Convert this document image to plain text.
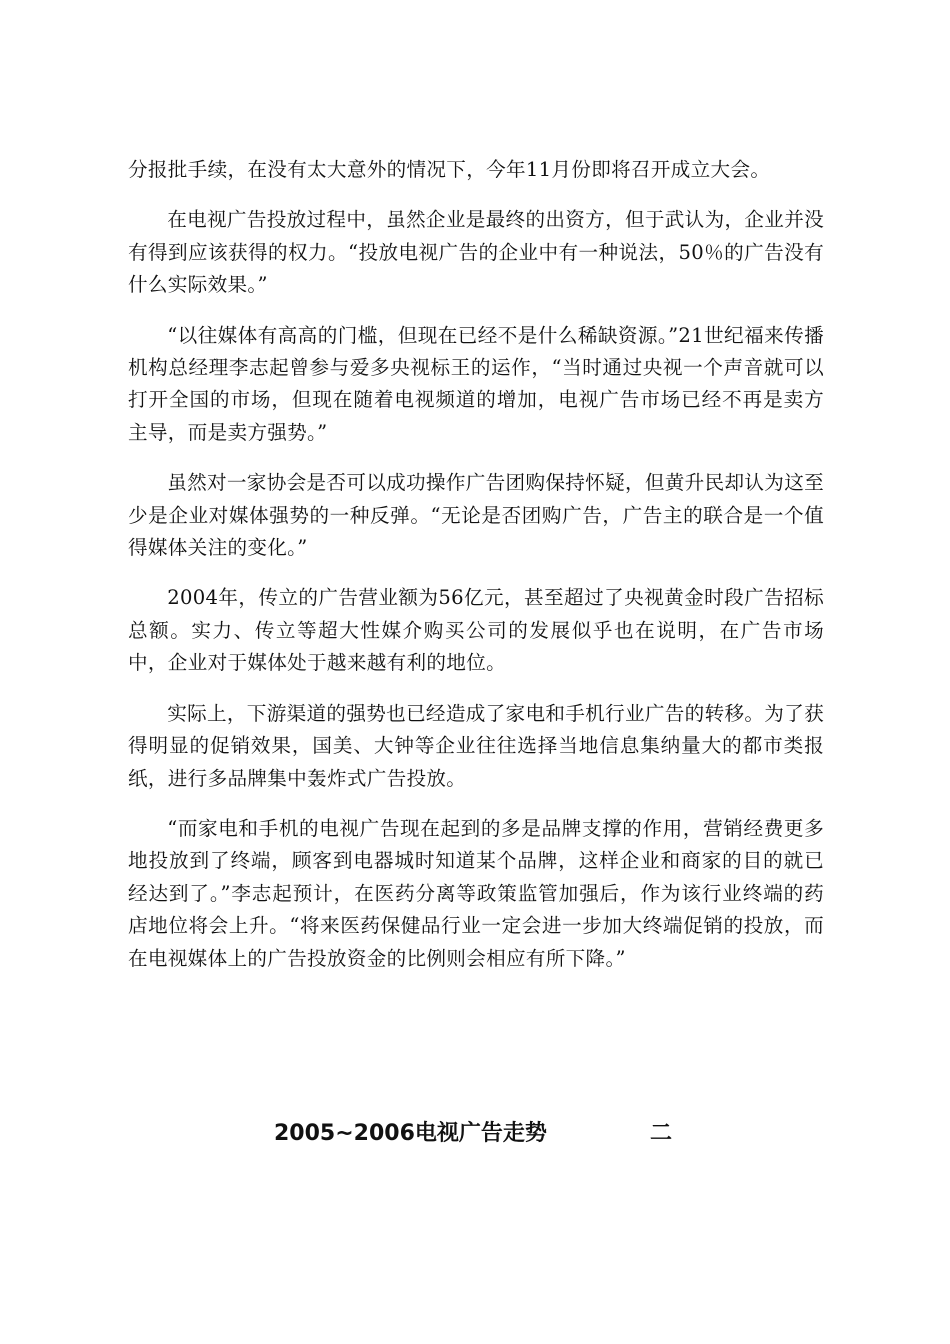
分报批手续，在没有太大意外的情况下，今年11月份即将召开成立大会。

在电视广告投放过程中，虽然企业是最终的出资方，但于武认为，企业并没有得到应该获得的权力。“投放电视广告的企业中有一种说法，50％的广告没有什么实际效果。”

“以往媒体有高高的门槛，但现在已经不是什么稀缺资源。”21世纪福来传播机构总经理李志起曾参与爱多央视标王的运作，“当时通过央视一个声音就可以打开全国的市场，但现在随着电视频道的增加，电视广告市场已经不再是卖方主导，而是卖方强势。”

虽然对一家协会是否可以成功操作广告团购保持怀疑，但黄升民却认为这至少是企业对媒体强势的一种反弹。“无论是否团购广告，广告主的联合是一个值得媒体关注的变化。”

2004年，传立的广告营业额为56亿元，甚至超过了央视黄金时段广告招标总额。实力、传立等超大性媒介购买公司的发展似乎也在说明，在广告市场中，企业对于媒体处于越来越有利的地位。

实际上，下游渠道的强势也已经造成了家电和手机行业广告的转移。为了获得明显的促销效果，国美、大钟等企业往往选择当地信息集纳量大的都市类报纸，进行多品牌集中轰炸式广告投放。

“而家电和手机的电视广告现在起到的多是品牌支撑的作用，营销经费更多地投放到了终端，顾客到电器城时知道某个品牌，这样企业和商家的目的就已经达到了。”李志起预计，在医药分离等政策监管加强后，作为该行业终端的药店地位将会上升。“将来医药保健品行业一定会进一步加大终端促销的投放，而在电视媒体上的广告投放资金的比例则会相应有所下降。”

2005~2006电视广告走势	二
